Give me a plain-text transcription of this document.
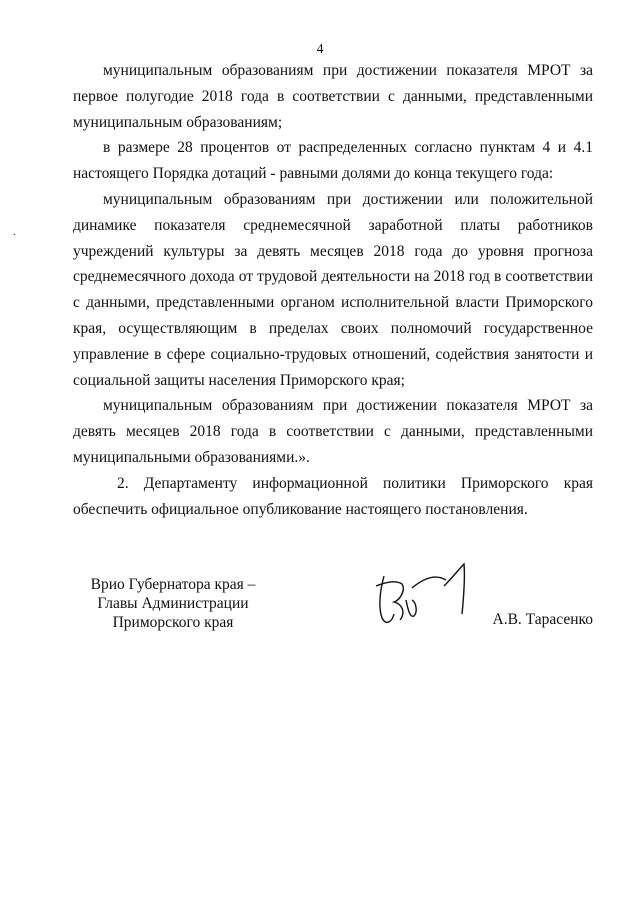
4
.

муниципальным образованиям при достижении показателя МРОТ за первое полугодие 2018 года в соответствии с данными, представленными муниципальным образованиям;

в размере 28 процентов от распределенных согласно пунктам 4 и 4.1 настоящего Порядка дотаций - равными долями до конца текущего года:

муниципальным образованиям при достижении или положительной динамике показателя среднемесячной заработной платы работников учреждений культуры за девять месяцев 2018 года до уровня прогноза среднемесячного дохода от трудовой деятельности на 2018 год в соответствии с данными, представленными органом исполнительной власти Приморского края, осуществляющим в пределах своих полномочий государственное управление в сфере социально-трудовых отношений, содействия занятости и социальной защиты населения Приморского края;

муниципальным образованиям при достижении показателя МРОТ за девять месяцев 2018 года в соответствии с данными, представленными муниципальными образованиями.».

2. Департаменту информационной политики Приморского края обеспечить официальное опубликование настоящего постановления.

Врио Губернатора края –
Главы Администрации
Приморского края	А.В. Тарасенко
